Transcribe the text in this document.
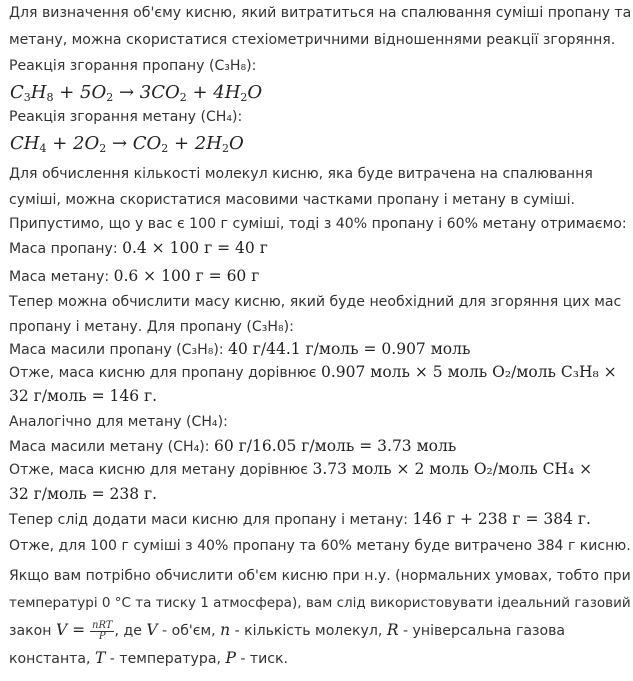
Для визначення об'єму кисню, який витратиться на спалювання суміші пропану та
метану, можна скористатися стехіометричними відношеннями реакції згоряння.
Реакція згорання пропану (C₃H₈):
$C_3H_8 + 5O_2 \to 3CO_2 + 4H_2O$
Реакція згорання метану (CH₄):
$CH_4 + 2O_2 \to CO_2 + 2H_2O$
Для обчислення кількості молекул кисню, яка буде витрачена на спалювання
суміші, можна скористатися масовими частками пропану і метану в суміші.
Припустимо, що у вас є 100 г суміші, тоді з 40% пропану і 60% метану отримаємо:
Маса пропану: 0.4 × 100 г = 40 г
Маса метану: 0.6 × 100 г = 60 г
Тепер можна обчислити масу кисню, який буде необхідний для згоряння цих мас
пропану і метану. Для пропану (C₃H₈):
Маса масили пропану (C₃H₈): 40 г/44.1 г/моль = 0.907 моль
Отже, маса кисню для пропану дорівнює 0.907 моль × 5 моль O₂/моль C₃H₈ ×
32 г/моль = 146 г.
Аналогічно для метану (CH₄):
Маса масили метану (CH₄): 60 г/16.05 г/моль = 3.73 моль
Отже, маса кисню для метану дорівнює 3.73 моль × 2 моль O₂/моль CH₄ ×
32 г/моль = 238 г.
Тепер слід додати маси кисню для пропану і метану: 146 г + 238 г = 384 г.
Отже, для 100 г суміші з 40% пропану та 60% метану буде витрачено 384 г кисню.
Якщо вам потрібно обчислити об'єм кисню при н.у. (нормальних умовах, тобто при
температурі 0 °C та тиску 1 атмосфера), вам слід використовувати ідеальний газовий
закон $V = \frac{\text{nRT}}{P}$ , де V - об'єм, n - кількість молекул, R - універсальна газова
константа, T - температура, P - тиск.
